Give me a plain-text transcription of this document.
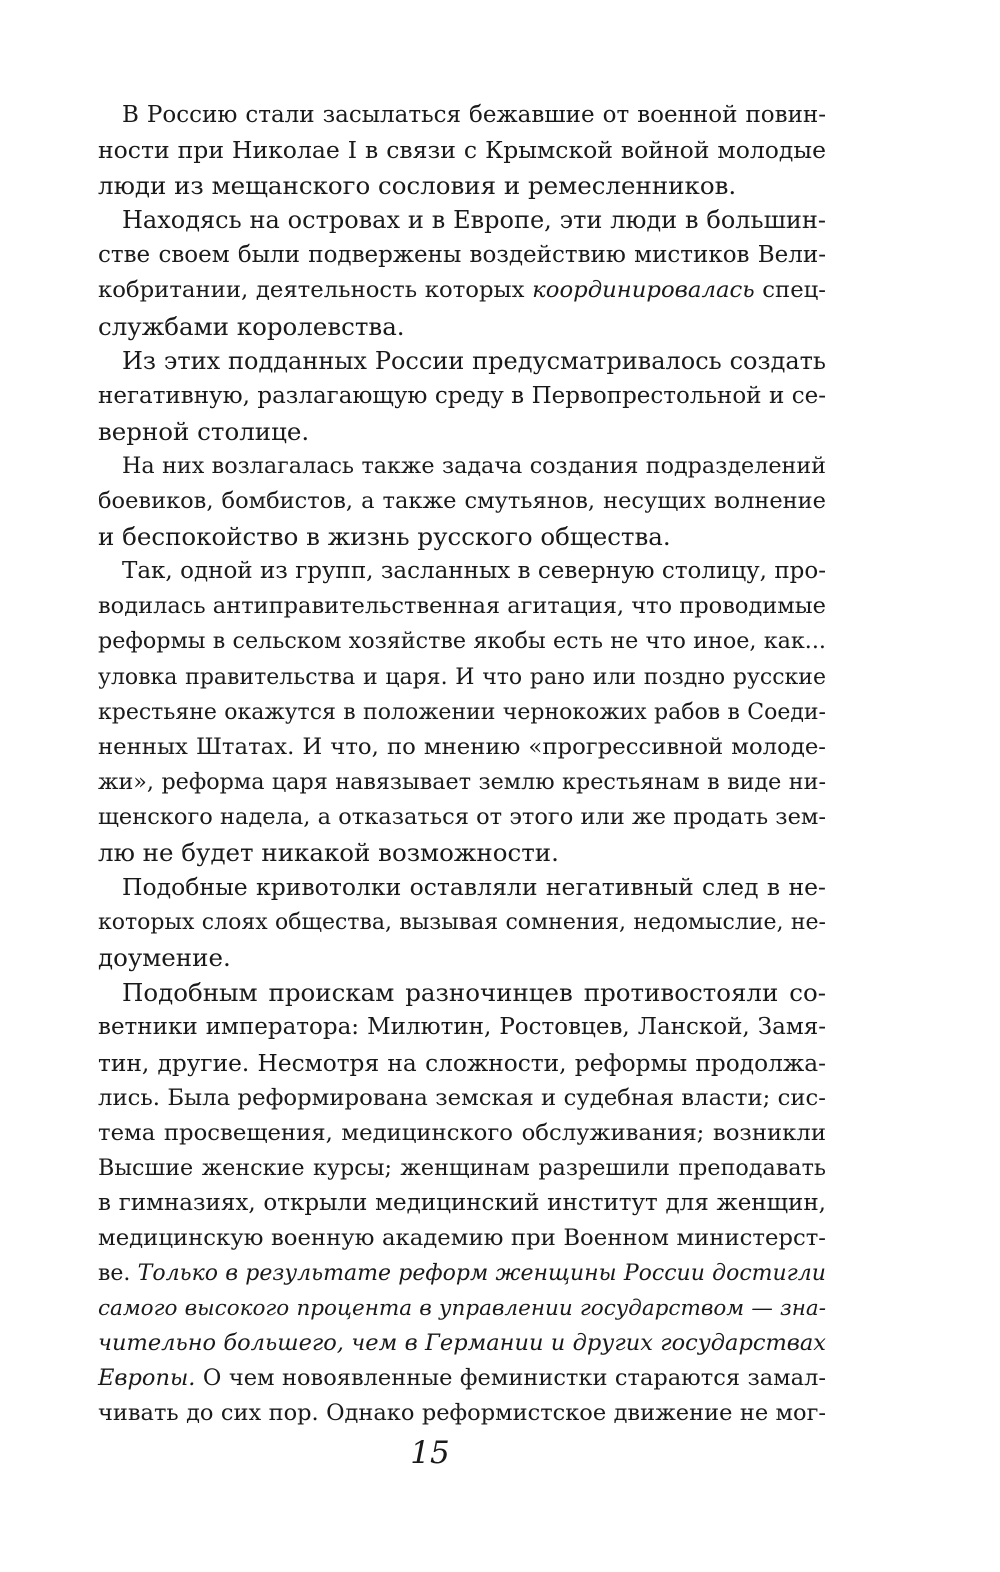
В Россию стали засылаться бежавшие от военной повин-
ности при Николае I в связи с Крымской войной молодые
люди из мещанского сословия и ремесленников.
Находясь на островах и в Европе, эти люди в большин-
стве своем были подвержены воздействию мистиков Вели-
кобритании, деятельность которых координировалась спец-
службами королевства.
Из этих подданных России предусматривалось создать
негативную, разлагающую среду в Первопрестольной и се-
верной столице.
На них возлагалась также задача создания подразделений
боевиков, бомбистов, а также смутьянов, несущих волнение
и беспокойство в жизнь русского общества.
Так, одной из групп, засланных в северную столицу, про-
водилась антиправительственная агитация, что проводимые
реформы в сельском хозяйстве якобы есть не что иное, как...
уловка правительства и царя. И что рано или поздно русские
крестьяне окажутся в положении чернокожих рабов в Соеди-
ненных Штатах. И что, по мнению «прогрессивной молоде-
жи», реформа царя навязывает землю крестьянам в виде ни-
щенского надела, а отказаться от этого или же продать зем-
лю не будет никакой возможности.
Подобные кривотолки оставляли негативный след в не-
которых слоях общества, вызывая сомнения, недомыслие, не-
доумение.
Подобным проискам разночинцев противостояли со-
ветники императора: Милютин, Ростовцев, Ланской, Замя-
тин, другие. Несмотря на сложности, реформы продолжа-
лись. Была реформирована земская и судебная власти; сис-
тема просвещения, медицинского обслуживания; возникли
Высшие женские курсы; женщинам разрешили преподавать
в гимназиях, открыли медицинский институт для женщин,
медицинскую военную академию при Военном министерст-
ве. Только в результате реформ женщины России достигли
самого высокого процента в управлении государством — зна-
чительно большего, чем в Германии и других государствах
Европы. О чем новоявленные феминистки стараются замал-
чивать до сих пор. Однако реформистское движение не мог-
15
